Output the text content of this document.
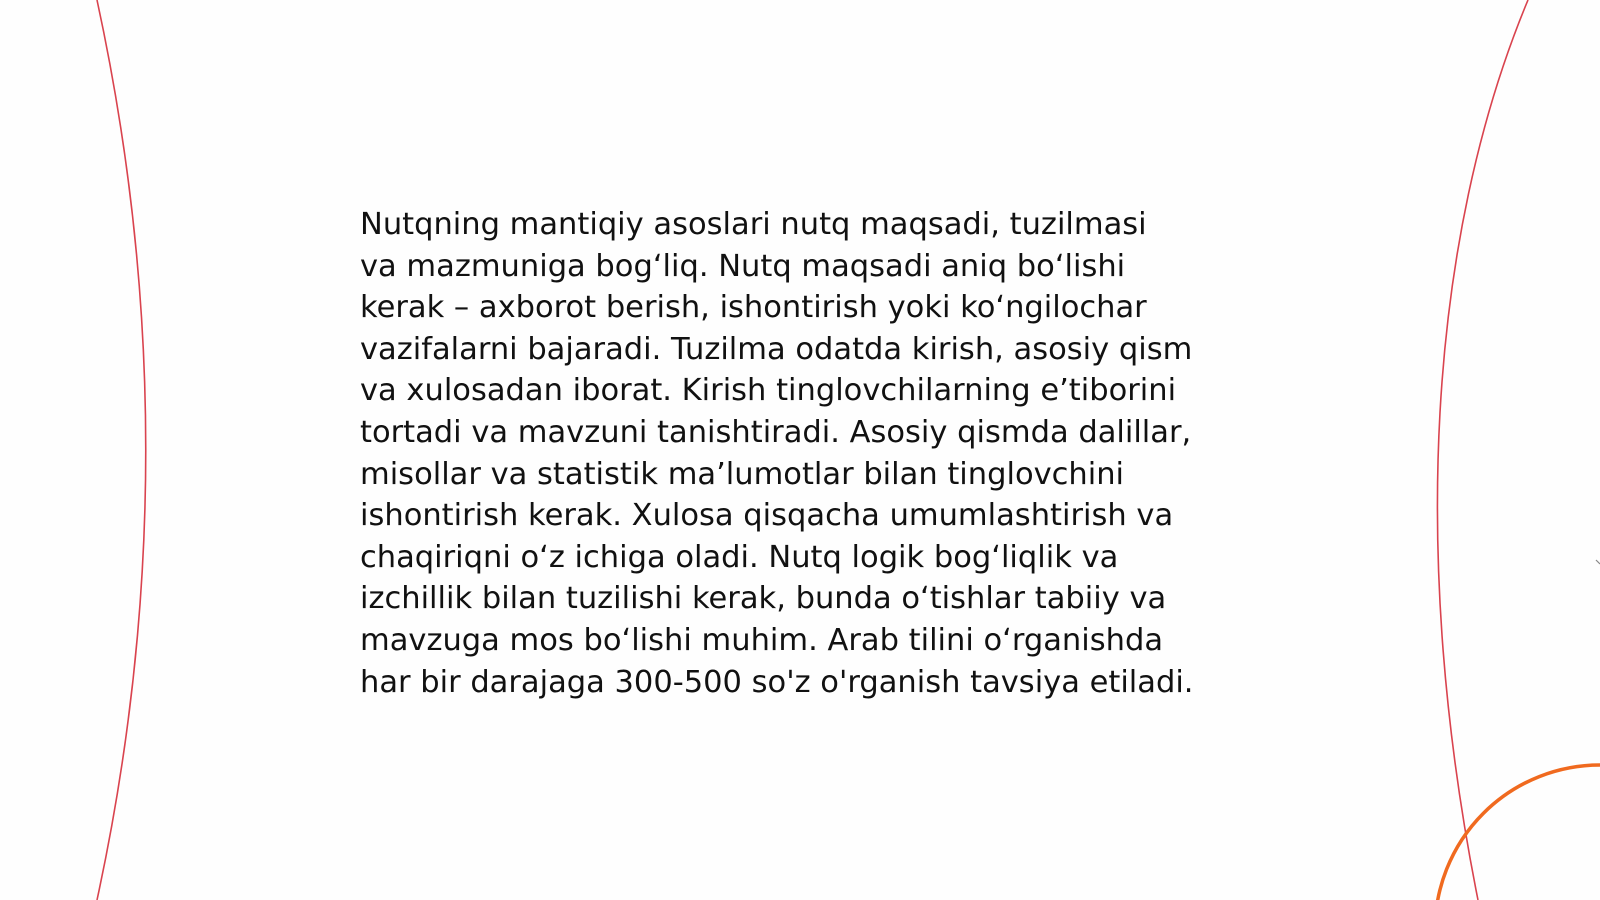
Nutqning mantiqiy asoslari nutq maqsadi, tuzilmasi
va mazmuniga bogʻliq. Nutq maqsadi aniq boʻlishi
kerak – axborot berish, ishontirish yoki koʻngilochar
vazifalarni bajaradi. Tuzilma odatda kirish, asosiy qism
va xulosadan iborat. Kirish tinglovchilarning eʼtiborini
tortadi va mavzuni tanishtiradi. Asosiy qismda dalillar,
misollar va statistik maʼlumotlar bilan tinglovchini
ishontirish kerak. Xulosa qisqacha umumlashtirish va
chaqiriqni oʻz ichiga oladi. Nutq logik bogʻliqlik va
izchillik bilan tuzilishi kerak, bunda oʻtishlar tabiiy va
mavzuga mos boʻlishi muhim. Arab tilini oʻrganishda
har bir darajaga 300-500 so'z o'rganish tavsiya etiladi.
